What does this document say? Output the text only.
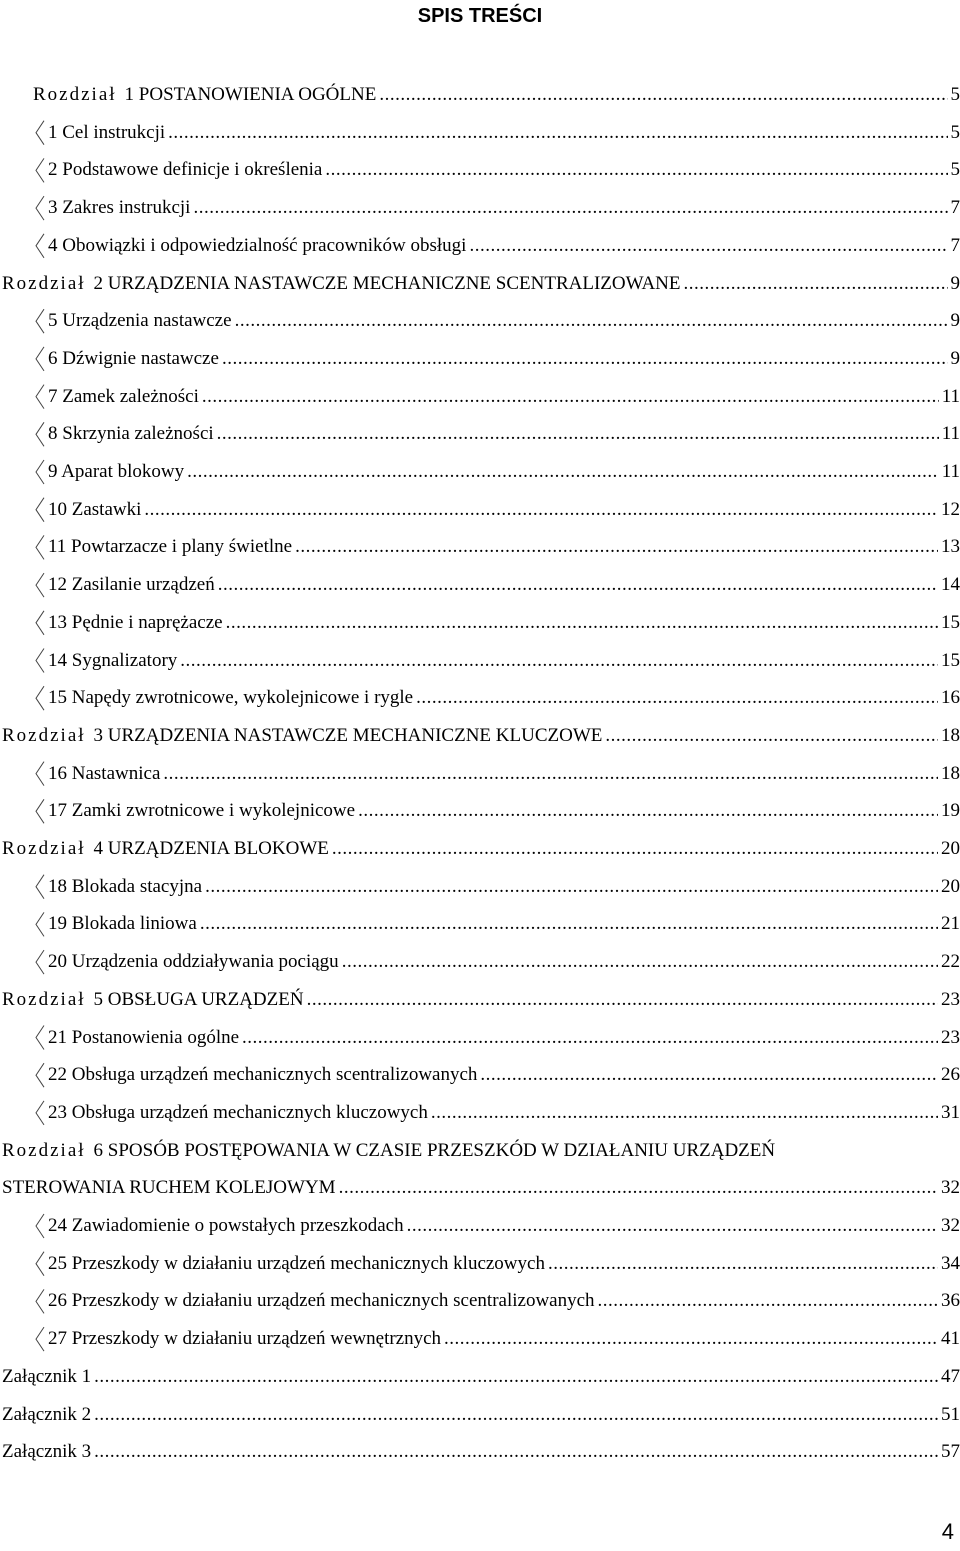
SPIS TREŚCI
Rozdział 1 POSTANOWIENIA OGÓLNE .....	5
1 Cel instrukcji .....	5
2 Podstawowe definicje i określenia .....	5
3 Zakres instrukcji .....	7
4 Obowiązki i odpowiedzialność pracowników obsługi .....	7
Rozdział 2 URZĄDZENIA NASTAWCZE MECHANICZNE SCENTRALIZOWANE .....	9
5 Urządzenia nastawcze .....	9
6 Dźwignie nastawcze .....	9
7 Zamek zależności .....	11
8 Skrzynia zależności .....	11
9 Aparat blokowy .....	11
10 Zastawki .....	12
11 Powtarzacze i plany świetlne .....	13
12 Zasilanie urządzeń .....	14
13 Pędnie i naprężacze .....	15
14 Sygnalizatory .....	15
15 Napędy zwrotnicowe, wykolejnicowe i rygle .....	16
Rozdział 3 URZĄDZENIA NASTAWCZE MECHANICZNE KLUCZOWE .....	18
16 Nastawnica .....	18
17 Zamki zwrotnicowe i wykolejnicowe .....	19
Rozdział 4 URZĄDZENIA BLOKOWE .....	20
18 Blokada stacyjna .....	20
19 Blokada liniowa .....	21
20 Urządzenia oddziaływania pociągu .....	22
Rozdział 5 OBSŁUGA URZĄDZEŃ .....	23
21 Postanowienia ogólne .....	23
22 Obsługa urządzeń mechanicznych scentralizowanych .....	26
23 Obsługa urządzeń mechanicznych kluczowych .....	31
Rozdział 6 SPOSÓB POSTĘPOWANIA W CZASIE PRZESZKÓD W DZIAŁANIU URZĄDZEŃ
STEROWANIA RUCHEM KOLEJOWYM .....	32
24 Zawiadomienie o powstałych przeszkodach .....	32
25 Przeszkody w działaniu urządzeń mechanicznych kluczowych .....	34
26 Przeszkody w działaniu urządzeń mechanicznych scentralizowanych .....	36
27 Przeszkody w działaniu urządzeń wewnętrznych .....	41
Załącznik 1 .....	47
Załącznik 2 .....	51
Załącznik 3 .....	57
4
